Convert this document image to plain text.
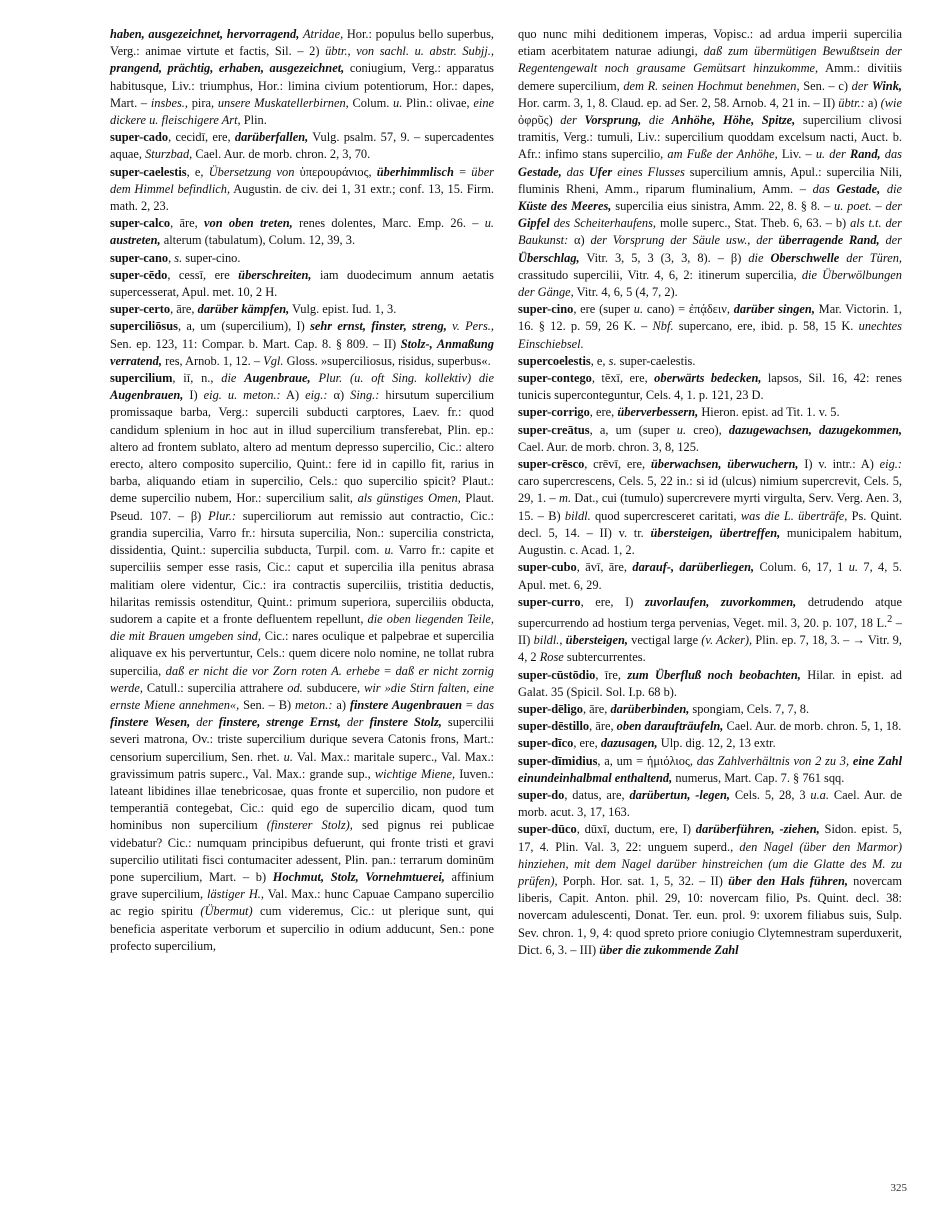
haben, ausgezeichnet, hervorragend, Atridae, Hor.: populus bello superbus, Verg.: animae virtute et factis, Sil. – 2) übtr., von sachl. u. abstr. Subjj., prangend, prächtig, erhaben, ausgezeichnet, coniugium, Verg.: apparatus habitusque, Liv.: triumphus, Hor.: limina civium potentiorum, Hor.: dapes, Mart. – insbes., pira, unsere Muskatellerbirnen, Colum. u. Plin.: olivae, eine dickere u. fleischigere Art, Plin.

super-cado, cecidī, ere, darüberfallen, Vulg. psalm. 57, 9. – supercadentes aquae, Sturzbad, Cael. Aur. de morb. chron. 2, 3, 70.

super-caelestis, e, Übersetzung von ὑπερουράνιος, überhimmlisch = über dem Himmel befindlich, Augustin. de civ. dei 1, 31 extr.; conf. 13, 15. Firm. math. 2, 23.

super-calco, āre, von oben treten, renes dolentes, Marc. Emp. 26. – u. austreten, alterum (tabulatum), Colum. 12, 39, 3.

super-cano, s. super-cino.

super-cēdo, cessī, ere überschreiten, iam duodecimum annum aetatis supercesserat, Apul. met. 10, 2 H.

super-certo, āre, darüber kämpfen, Vulg. epist. Iud. 1, 3.

superciliōsus, a, um (supercilium), I) sehr ernst, finster, streng, v. Pers., Sen. ep. 123, 11: Compar. b. Mart. Cap. 8. § 809. – II) Stolz-, Anmaßung verratend, res, Arnob. 1, 12. – Vgl. Gloss. »superciliosus, risidus, superbus«.

supercilium, iī, n., die Augenbraue, Plur. (u. oft Sing. kollektiv) die Augenbrauen, I) eig. u. meton.: A) eig.: α) Sing.: hirsutum supercilium promissaque barba, Verg.: supercili subducti carptores, Laev. fr.: quod candidum splenium in hoc aut in illud supercilium transferebat, Plin. ep.: altero ad frontem sublato, altero ad mentum depresso supercilio, Cic.: altero erecto, altero composito supercilio, Quint.: fere id in capillo fit, rarius in barba, aliquando etiam in supercilio, Cels.: quo supercilio spicit? Plaut.: deme supercilio nubem, Hor.: supercilium salit, als günstiges Omen, Plaut. Pseud. 107. – β) Plur.: superciliorum aut remissio aut contractio, Cic.: grandia supercilia, Varro fr.: hirsuta supercilia, Non.: supercilia constricta, dissidentia, Quint.: supercilia subducta, Turpil. com. u. Varro fr.: capite et superciliis semper esse rasis, Cic.: caput et supercilia illa penitus abrasa malitiam olere videntur, Cic.: ira contractis superciliis, tristitia deductis, hilaritas remissis ostenditur, Quint.: primum superiora, superciliis obducta, sudorem a capite et a fronte defluentem repellunt, die oben liegenden Teile, die mit Brauen umgeben sind, Cic.: nares oculique et palpebrae et supercilia aliquave ex his pervertuntur, Cels.: quem dicere nolo nomine, ne tollat rubra supercilia, daß er nicht die vor Zorn roten A. erhebe = daß er nicht zornig werde, Catull.: supercilia attrahere od. subducere, wir »die Stirn falten, eine ernste Miene annehmen«, Sen. – B) meton.: a) finstere Augenbrauen = das finstere Wesen, der finstere, strenge Ernst, der finstere Stolz, supercilii severi matrona, Ov.: triste supercilium durique severa Catonis frons, Mart.: censorium supercilium, Sen. rhet. u. Val. Max.: maritale superc., Val. Max.: gravissimum patris superc., Val. Max.: grande sup., wichtige Miene, Iuven.: lateant libidines illae tenebricosae, quas fronte et supercilio, non pudore et temperantiā contegebat, Cic.: quid ego de supercilio dicam, quod tum hominibus non supercilium (finsterer Stolz), sed pignus rei publicae videbatur? Cic.: numquam principibus defuerunt, qui fronte tristi et gravi supercilio utilitati fisci contumaciter adessent, Plin. pan.: terrarum dominūm pone supercilium, Mart. – b) Hochmut, Stolz, Vornehmtuerei, affinium grave supercilium, lästiger H., Val. Max.: hunc Capuae Campano supercilio ac regio spiritu (Übermut) cum videremus, Cic.: ut plerique sunt, qui beneficia asperitate verborum et supercilio in odium adducunt, Sen.: pone profecto supercilium,

quo nunc mihi deditionem imperas, Vopisc.: ad ardua imperii supercilia etiam acerbitatem naturae adiungi, daß zum übermütigen Bewußtsein der Regentengewalt noch grausame Gemütsart hinzukomme, Amm.: divitiis demere supercilium, dem R. seinen Hochmut benehmen, Sen. – c) der Wink, Hor. carm. 3, 1, 8. Claud. ep. ad Ser. 2, 58. Arnob. 4, 21 in. – II) übtr.: a) (wie ὀφρῦς) der Vorsprung, die Anhöhe, Höhe, Spitze, supercilium clivosi tramitis, Verg.: tumuli, Liv.: supercilium quoddam excelsum nacti, Auct. b. Afr.: infimo stans supercilio, am Fuße der Anhöhe, Liv. – u. der Rand, das Gestade, das Ufer eines Flusses supercilium amnis, Apul.: supercilia Nili, fluminis Rheni, Amm., riparum fluminalium, Amm. – das Gestade, die Küste des Meeres, supercilia eius sinistra, Amm. 22, 8. § 8. – u. poet. – der Gipfel des Scheiterhaufens, molle superc., Stat. Theb. 6, 63. – b) als t.t. der Baukunst: α) der Vorsprung der Säule usw., der überragende Rand, der Überschlag, Vitr. 3, 5, 3 (3, 3, 8). – β) die Oberschwelle der Türen, crassitudo supercilii, Vitr. 4, 6, 2: itinerum supercilia, die Überwölbungen der Gänge, Vitr. 4, 6, 5 (4, 7, 2).

super-cino, ere (super u. cano) = ἐπᾴδειν, darüber singen, Mar. Victorin. 1, 16. § 12. p. 59, 26 K. – Nbf. supercano, ere, ibid. p. 58, 15 K. unechtes Einschiebsel.

supercoelestis, e, s. super-caelestis.

super-contego, tēxī, ere, oberwärts bedecken, lapsos, Sil. 16, 42: renes tunicis superconteguntur, Cels. 4, 1. p. 121, 23 D.

super-corrigo, ere, überverbessern, Hieron. epist. ad Tit. 1. v. 5.

super-creātus, a, um (super u. creo), dazugewachsen, dazugekommen, Cael. Aur. de morb. chron. 3, 8, 125.

super-crēsco, crēvī, ere, überwachsen, überwuchern, I) v. intr.: A) eig.: caro supercrescens, Cels. 5, 22 in.: si id (ulcus) nimium supercrevit, Cels. 5, 29, 1. – m. Dat., cui (tumulo) supercrevere myrti virgulta, Serv. Verg. Aen. 3, 15. – B) bildl. quod supercresceret caritati, was die L. überträfe, Ps. Quint. decl. 5, 14. – II) v. tr. übersteigen, übertreffen, municipalem habitum, Augustin. c. Acad. 1, 2.

super-cubo, āvī, āre, darauf-, darüberliegen, Colum. 6, 17, 1 u. 7, 4, 5. Apul. met. 6, 29.

super-curro, ere, I) zuvorlaufen, zuvorkommen, detrudendo atque supercurrendo ad hostium terga pervenias, Veget. mil. 3, 20. p. 107, 18 L.$^2$ – II) bildl., übersteigen, vectigal large (v. Acker), Plin. ep. 7, 18, 3. – → Vitr. 9, 4, 2 Rose subtercurrentes.

super-cūstōdio, īre, zum Überfluß noch beobachten, Hilar. in epist. ad Galat. 35 (Spicil. Sol. I.p. 68 b).

super-dēligo, āre, darüberbinden, spongiam, Cels. 7, 7, 8.

super-dēstillo, āre, oben daraufträufeln, Cael. Aur. de morb. chron. 5, 1, 18.

super-dīco, ere, dazusagen, Ulp. dig. 12, 2, 13 extr.

super-dīmidius, a, um = ἡμιόλιος, das Zahlverhältnis von 2 zu 3, eine Zahl einundeinhalbmal enthaltend, numerus, Mart. Cap. 7. § 761 sqq.

super-do, datus, are, darübertun, -legen, Cels. 5, 28, 3 u.a. Cael. Aur. de morb. acut. 3, 17, 163.

super-dūco, dūxī, ductum, ere, I) darüberführen, -ziehen, Sidon. epist. 5, 17, 4. Plin. Val. 3, 22: unguem superd., den Nagel (über den Marmor) hinziehen, mit dem Nagel darüber hinstreichen (um die Glatte des M. zu prüfen), Porph. Hor. sat. 1, 5, 32. – II) über den Hals führen, novercam liberis, Capit. Anton. phil. 29, 10: novercam filio, Ps. Quint. decl. 38: novercam adulescenti, Donat. Ter. eun. prol. 9: uxorem filiabus suis, Sulp. Sev. chron. 1, 9, 4: quod spreto priore coniugio Clytemnestram superduxerit, Dict. 6, 3. – III) über die zukommende Zahl

325
